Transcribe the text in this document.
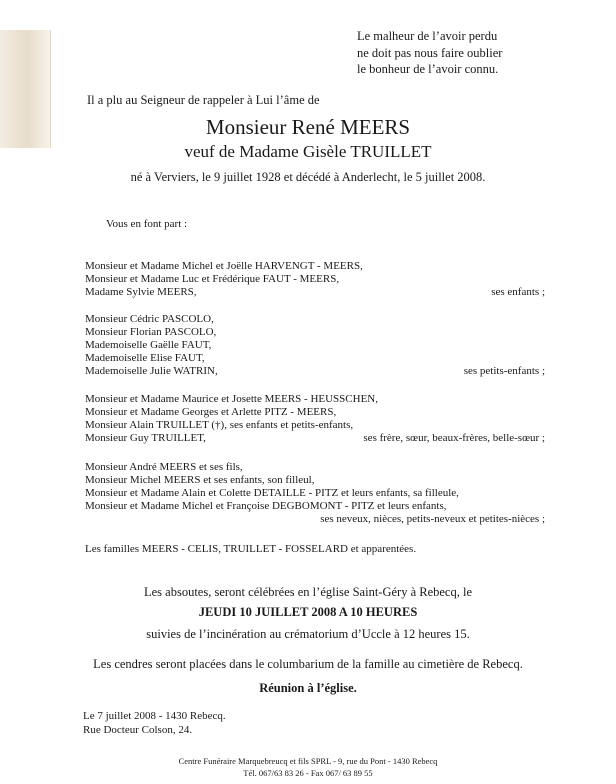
Le malheur de l’avoir perdu
ne doit pas nous faire oublier
le bonheur de l’avoir connu.
Il a plu au Seigneur de rappeler à Lui l’âme de
Monsieur René MEERS
veuf de Madame Gisèle TRUILLET
né à Verviers, le 9 juillet 1928 et décédé à Anderlecht, le 5 juillet 2008.
Vous en font part :
Monsieur et Madame Michel et Joëlle HARVENGT - MEERS,
Monsieur et Madame Luc et Frédérique FAUT - MEERS,
Madame Sylvie MEERS,	ses enfants ;
Monsieur Cédric PASCOLO,
Monsieur Florian PASCOLO,
Mademoiselle Gaëlle FAUT,
Mademoiselle Elise FAUT,
Mademoiselle Julie WATRIN,	ses petits-enfants ;
Monsieur et Madame Maurice et Josette MEERS - HEUSSCHEN,
Monsieur et Madame Georges et Arlette PITZ - MEERS,
Monsieur Alain TRUILLET (†), ses enfants et petits-enfants,
Monsieur Guy TRUILLET,	ses frère, sœur, beaux-frères, belle-sœur ;
Monsieur André MEERS et ses fils,
Monsieur Michel MEERS et ses enfants, son filleul,
Monsieur et Madame Alain et Colette DETAILLE - PITZ et leurs enfants, sa filleule,
Monsieur et Madame Michel et Françoise DEGBOMONT - PITZ et leurs enfants,
ses neveux, nièces, petits-neveux et petites-nièces ;
Les familles MEERS - CELIS, TRUILLET - FOSSELARD et apparentées.
Les absoutes, seront célébrées en l’église Saint-Géry à Rebecq, le
JEUDI 10 JUILLET 2008 A 10 HEURES
suivies de l’incinération au crématorium d’Uccle à 12 heures 15.
Les cendres seront placées dans le columbarium de la famille au cimetière de Rebecq.
Réunion à l’église.
Le 7 juillet 2008 - 1430 Rebecq.
Rue Docteur Colson, 24.
Centre Funéraire Marquebreucq et fils SPRL - 9, rue du Pont - 1430 Rebecq
Tél. 067/63 83 26 - Fax 067/ 63 89 55
